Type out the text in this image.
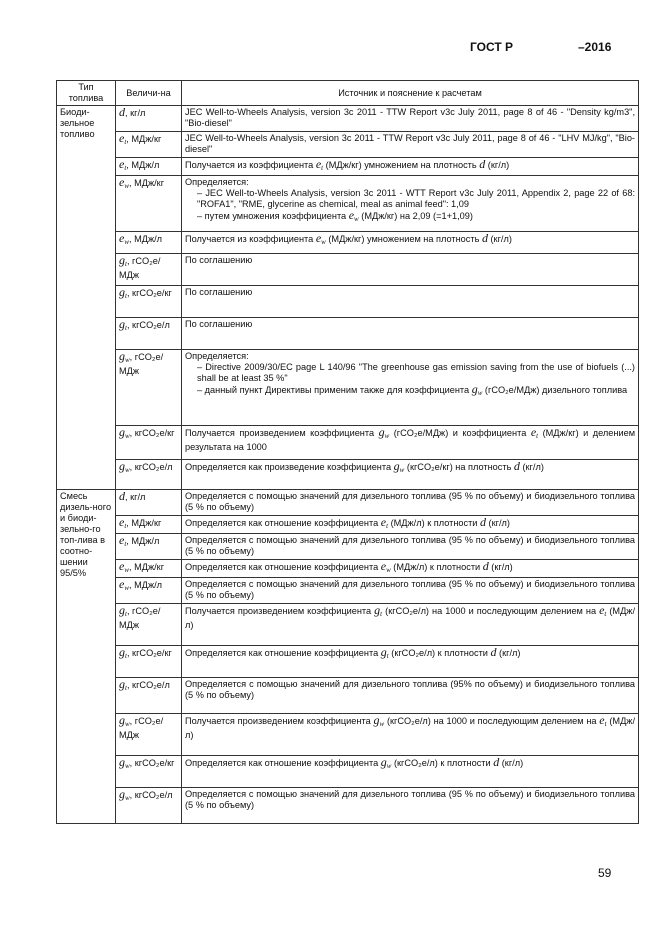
ГОСТ Р	–2016
Тип топлива	Величи-на	Источник и пояснение к расчетам
Биоди-зельное топливо	d, кг/л	JEC Well-to-Wheels Analysis, version 3c 2011 - TTW Report v3c July 2011, page 8 of 46 - "Density kg/m3", "Bio-diesel"
	$e_t$, МДж/кг	JEC Well-to-Wheels Analysis, version 3c 2011 - TTW Report v3c July 2011, page 8 of 46 - "LHV MJ/kg", "Bio-diesel"
	$e_t$, МДж/л	Получается из коэффициента $e_t$ (МДж/кг) умножением на плотность d (кг/л)
	$e_w$, МДж/кг	Определяется:
– JEC Well-to-Wheels Analysis, version 3c 2011 - WTT Report v3c July 2011, Appendix 2, page 22 of 68: "ROFA1", "RME, glycerine as chemical, meal as animal feed": 1,09
– путем умножения коэффициента $e_w$ (МДж/кг) на 2,09 (=1+1,09)

	$e_w$, МДж/л	Получается из коэффициента $e_w$ (МДж/кг) умножением на плотность d (кг/л)
	$g_t$, гCO₂е/МДж	По соглашению
	$g_t$, кгCO₂е/кг	По соглашению
	$g_t$, кгCO₂е/л	По соглашению
	$g_w$, гCO₂е/МДж	Определяется:
– Directive 2009/30/EC page L 140/96 "The greenhouse gas emission saving from the use of biofuels (...) shall be at least 35 %"
– данный пункт Директивы применим также для коэффициента $g_w$ (гCO₂е/МДж) дизельного топлива

	$g_w$, кгCO₂е/кг	Получается произведением коэффициента $g_w$ (гCO₂е/МДж) и коэффициента $e_t$ (МДж/кг) и делением результата на 1000
	$g_w$, кгCO₂е/л	Определяется как произведение коэффициента $g_w$ (кгCO₂е/кг) на плотность d (кг/л)
Смесь дизель-ного и биоди-зельно-го топ-лива в соотно-шении 95/5%	d, кг/л	Определяется с помощью значений для дизельного топлива (95 % по объему) и биодизельного топлива (5 % по объему)
	$e_t$, МДж/кг	Определяется как отношение коэффициента $e_t$ (МДж/л) к плотности d (кг/л)
	$e_t$, МДж/л	Определяется с помощью значений для дизельного топлива (95 % по объему) и биодизельного топлива (5 % по объему)
	$e_w$, МДж/кг	Определяется как отношение коэффициента $e_w$ (МДж/л) к плотности d (кг/л)
	$e_w$, МДж/л	Определяется с помощью значений для дизельного топлива (95 % по объему) и биодизельного топлива (5 % по объему)
	$g_t$, гCO₂е/МДж	Получается произведением коэффициента $g_t$ (кгCO₂е/л) на 1000 и последующим делением на $e_t$ (МДж/л)
	$g_t$, кгCO₂е/кг	Определяется как отношение коэффициента $g_t$ (кгCO₂е/л) к плотности d (кг/л)
	$g_t$, кгCO₂е/л	Определяется с помощью значений для дизельного топлива (95% по объему) и биодизельного топлива (5 % по объему)
	$g_w$, гCO₂е/МДж	Получается произведением коэффициента $g_w$ (кгCO₂е/л) на 1000 и последующим делением на $e_t$ (МДж/л)
	$g_w$, кгCO₂е/кг	Определяется как отношение коэффициента $g_w$ (кгCO₂е/л) к плотности d (кг/л)
	$g_w$, кгCO₂е/л	Определяется с помощью значений для дизельного топлива (95 % по объему) и биодизельного топлива (5 % по объему)
59
